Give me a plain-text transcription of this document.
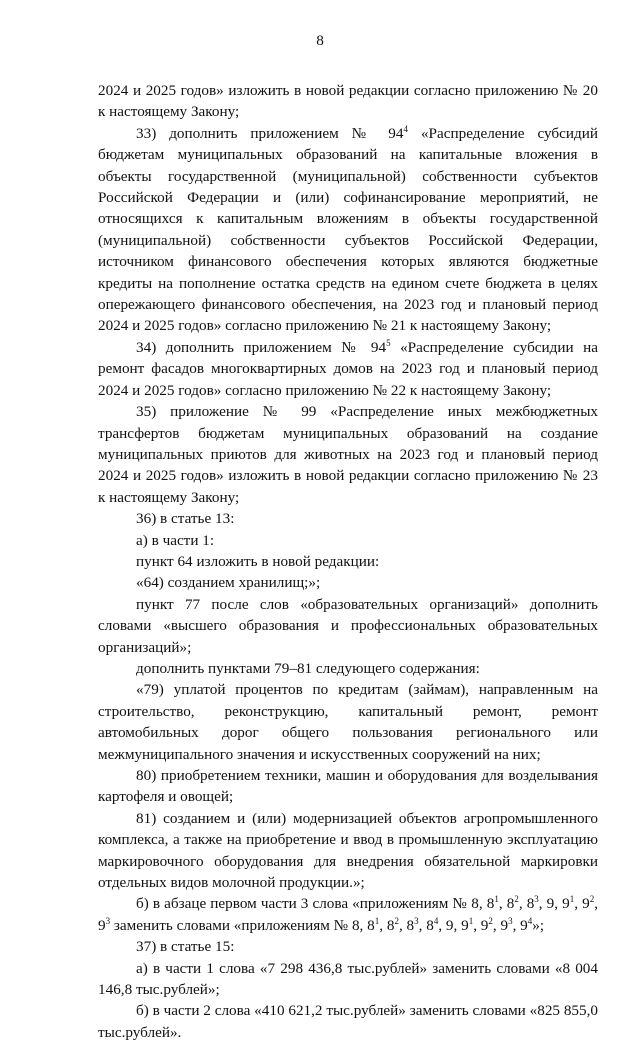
8

2024 и 2025 годов» изложить в новой редакции согласно приложению № 20 к настоящему Закону;

33) дополнить приложением № $94^4$ «Распределение субсидий бюджетам муниципальных образований на капитальные вложения в объекты государственной (муниципальной) собственности субъектов Российской Федерации и (или) софинансирование мероприятий, не относящихся к капитальным вложениям в объекты государственной (муниципальной) собственности субъектов Российской Федерации, источником финансового обеспечения которых являются бюджетные кредиты на пополнение остатка средств на едином счете бюджета в целях опережающего финансового обеспечения, на 2023 год и плановый период 2024 и 2025 годов» согласно приложению № 21 к настоящему Закону;

34) дополнить приложением № $94^5$ «Распределение субсидии на ремонт фасадов многоквартирных домов на 2023 год и плановый период 2024 и 2025 годов» согласно приложению № 22 к настоящему Закону;

35) приложение № 99 «Распределение иных межбюджетных трансфертов бюджетам муниципальных образований на создание муниципальных приютов для животных на 2023 год и плановый период 2024 и 2025 годов» изложить в новой редакции согласно приложению № 23 к настоящему Закону;

36) в статье 13:

а) в части 1:

пункт 64 изложить в новой редакции:

«64) созданием хранилищ;»;

пункт 77 после слов «образовательных организаций» дополнить словами «высшего образования и профессиональных образовательных организаций»;

дополнить пунктами 79–81 следующего содержания:

«79) уплатой процентов по кредитам (займам), направленным на строительство, реконструкцию, капитальный ремонт, ремонт автомобильных дорог общего пользования регионального или межмуниципального значения и искусственных сооружений на них;

80) приобретением техники, машин и оборудования для возделывания картофеля и овощей;

81) созданием и (или) модернизацией объектов агропромышленного комплекса, а также на приобретение и ввод в промышленную эксплуатацию маркировочного оборудования для внедрения обязательной маркировки отдельных видов молочной продукции.»;

б) в абзаце первом части 3 слова «приложениям № 8, $8^1$, $8^2$, $8^3$, 9, $9^1$, $9^2$, $9^3$ заменить словами «приложениям № 8, $8^1$, $8^2$, $8^3$, $8^4$, 9, $9^1$, $9^2$, $9^3$, $9^4$»;

37) в статье 15:

а) в части 1 слова «7 298 436,8 тыс.рублей» заменить словами «8 004 146,8 тыс.рублей»;

б) в части 2 слова «410 621,2 тыс.рублей» заменить словами «825 855,0 тыс.рублей».
